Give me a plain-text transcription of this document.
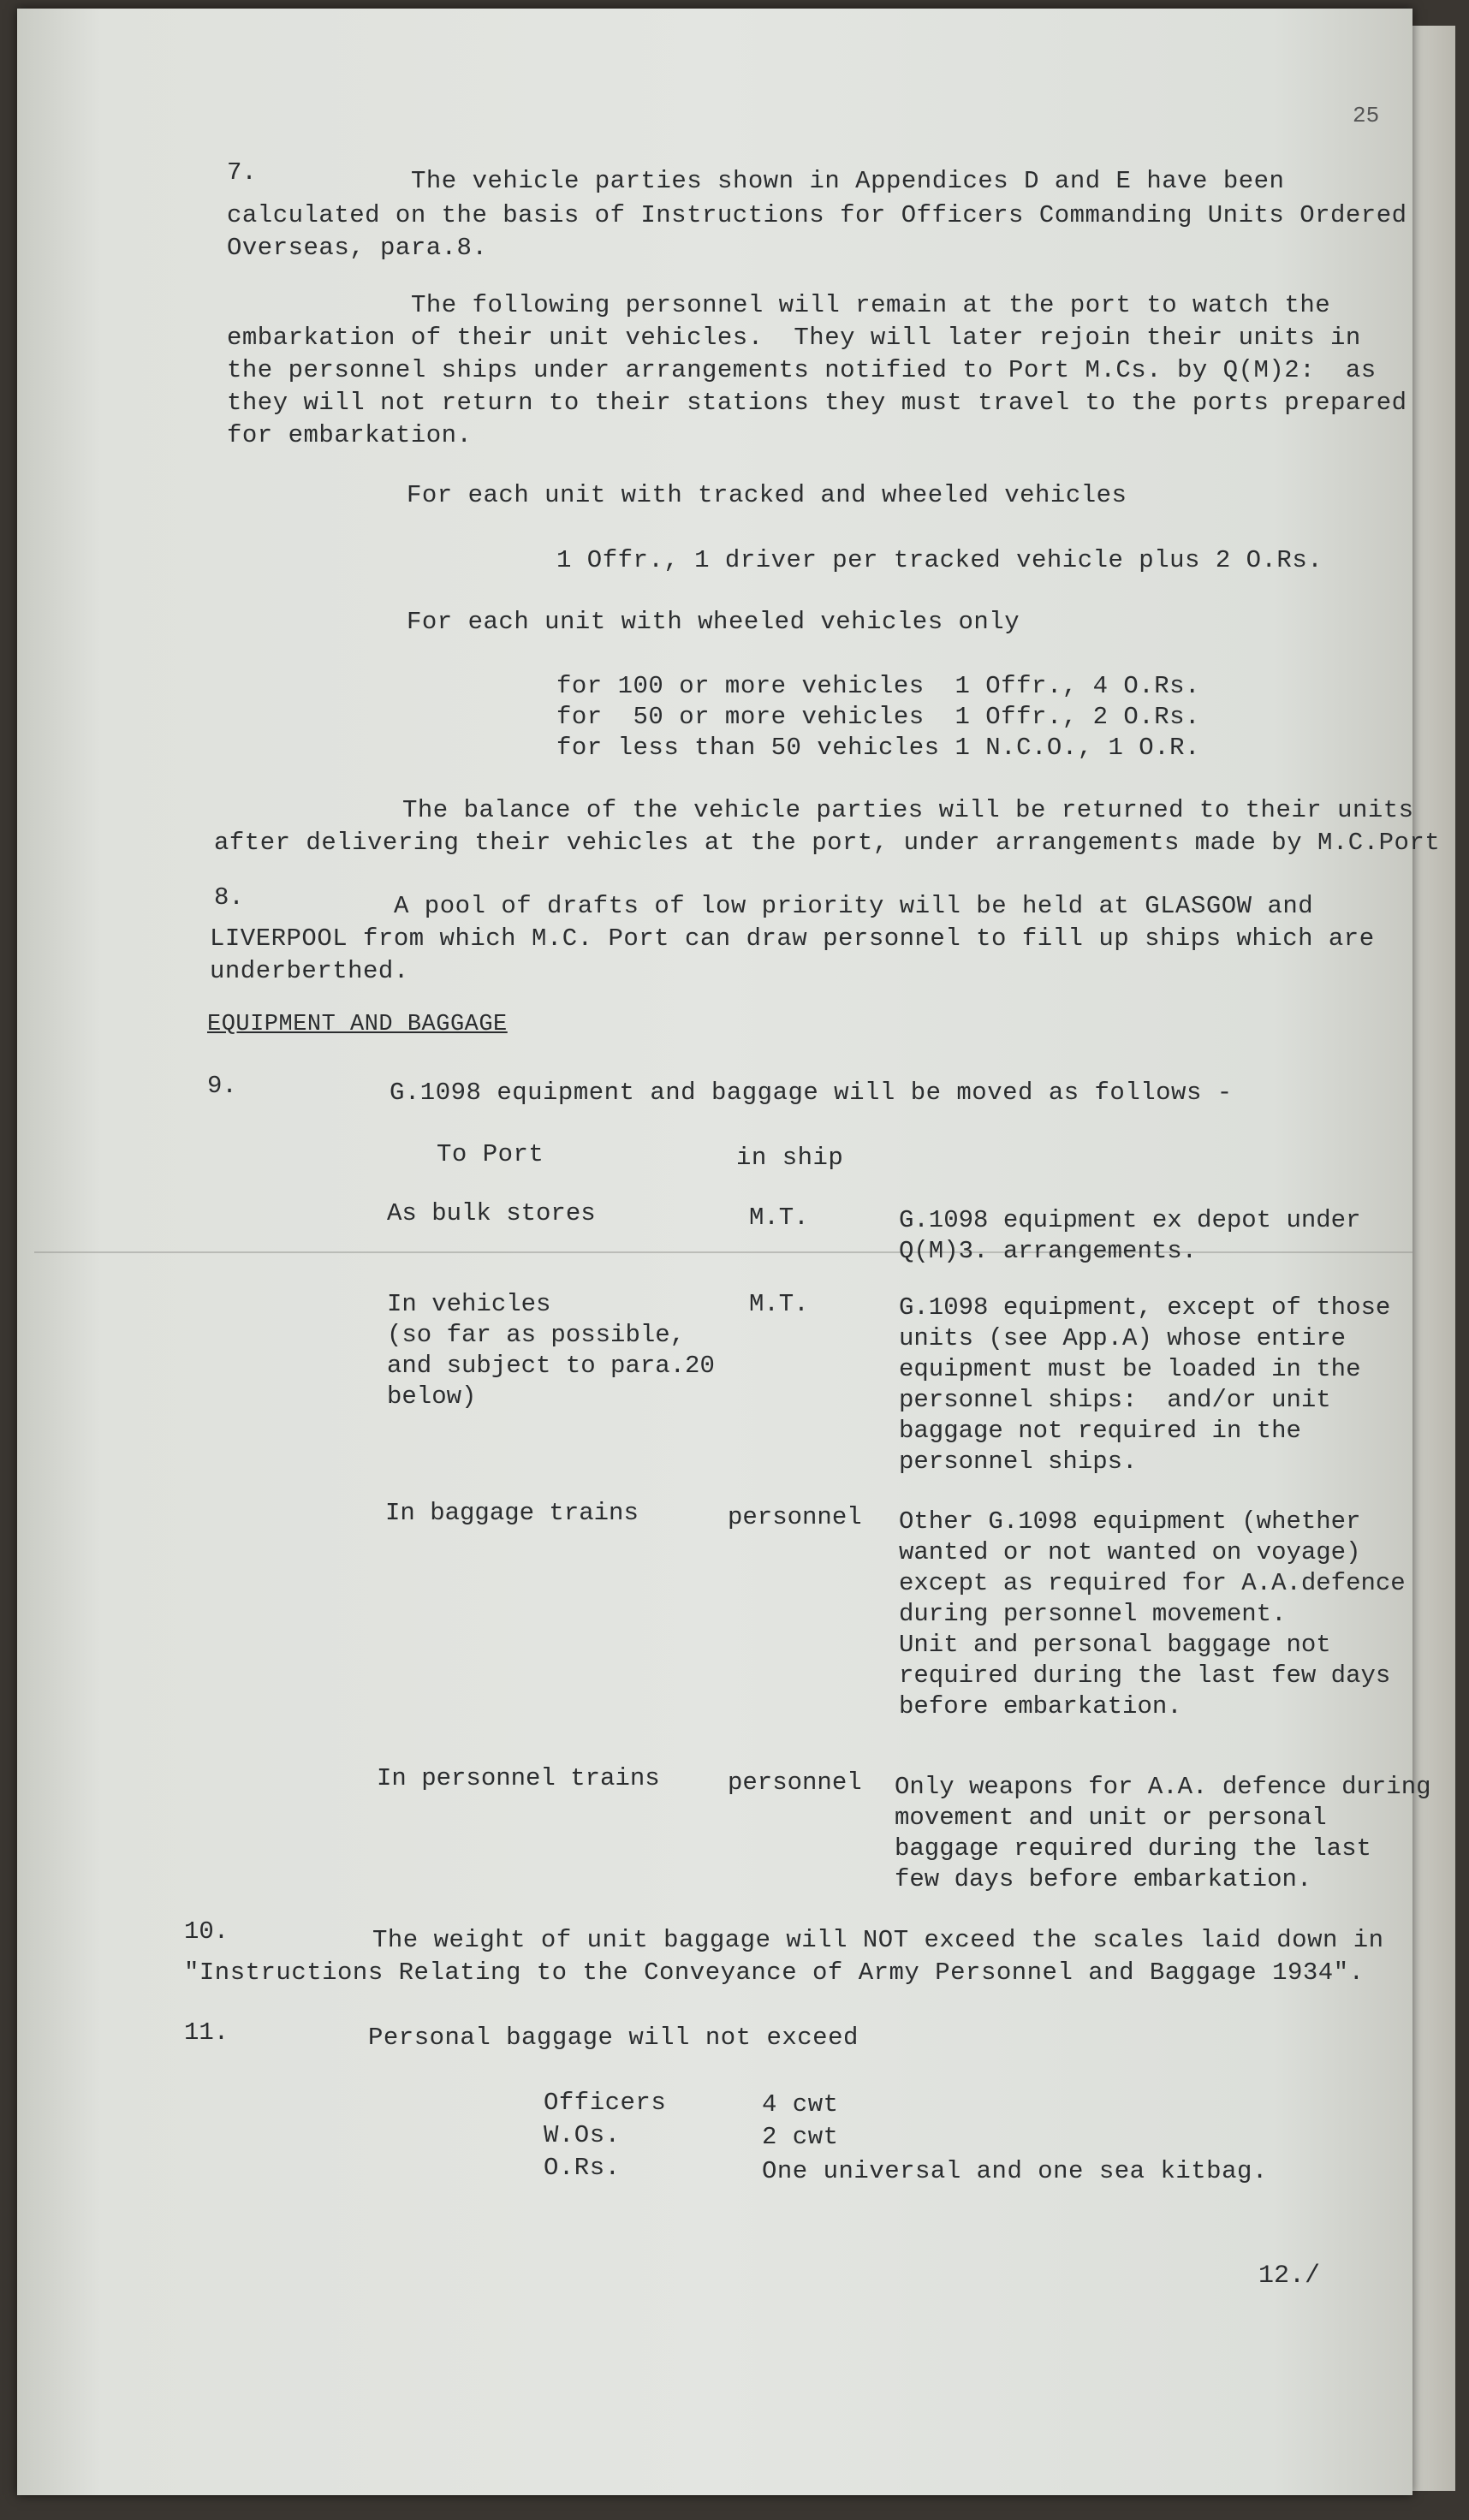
25
7.	The vehicle parties shown in Appendices D and E have been
calculated on the basis of Instructions for Officers Commanding Units Ordered
Overseas, para.8.
The following personnel will remain at the port to watch the
embarkation of their unit vehicles.  They will later rejoin their units in
the personnel ships under arrangements notified to Port M.Cs. by Q(M)2:  as
they will not return to their stations they must travel to the ports prepared
for embarkation.
For each unit with tracked and wheeled vehicles
1 Offr., 1 driver per tracked vehicle plus 2 O.Rs.
For each unit with wheeled vehicles only
for 100 or more vehicles  1 Offr., 4 O.Rs.
for  50 or more vehicles  1 Offr., 2 O.Rs.
for less than 50 vehicles 1 N.C.O., 1 O.R.
The balance of the vehicle parties will be returned to their units
after delivering their vehicles at the port, under arrangements made by M.C.Port
8.	A pool of drafts of low priority will be held at GLASGOW and
LIVERPOOL from which M.C. Port can draw personnel to fill up ships which are
underberthed.
EQUIPMENT AND BAGGAGE
9.	G.1098 equipment and baggage will be moved as follows -
To Port	in ship
As bulk stores	M.T.	G.1098 equipment ex depot under
Q(M)3. arrangements.
In vehicles
(so far as possible,
and subject to para.20
below)
M.T.	G.1098 equipment, except of those
units (see App.A) whose entire
equipment must be loaded in the
personnel ships:  and/or unit
baggage not required in the
personnel ships.
In baggage trains	personnel Other G.1098 equipment (whether
wanted or not wanted on voyage)
except as required for A.A.defence
during personnel movement.
Unit and personal baggage not
required during the last few days
before embarkation.
In personnel trains	personnel Only weapons for A.A. defence during
movement and unit or personal
baggage required during the last
few days before embarkation.
10.	The weight of unit baggage will NOT exceed the scales laid down in
"Instructions Relating to the Conveyance of Army Personnel and Baggage 1934".
11.	Personal baggage will not exceed
Officers	4 cwt
W.Os.	2 cwt
O.Rs.	One universal and one sea kitbag.
12./
